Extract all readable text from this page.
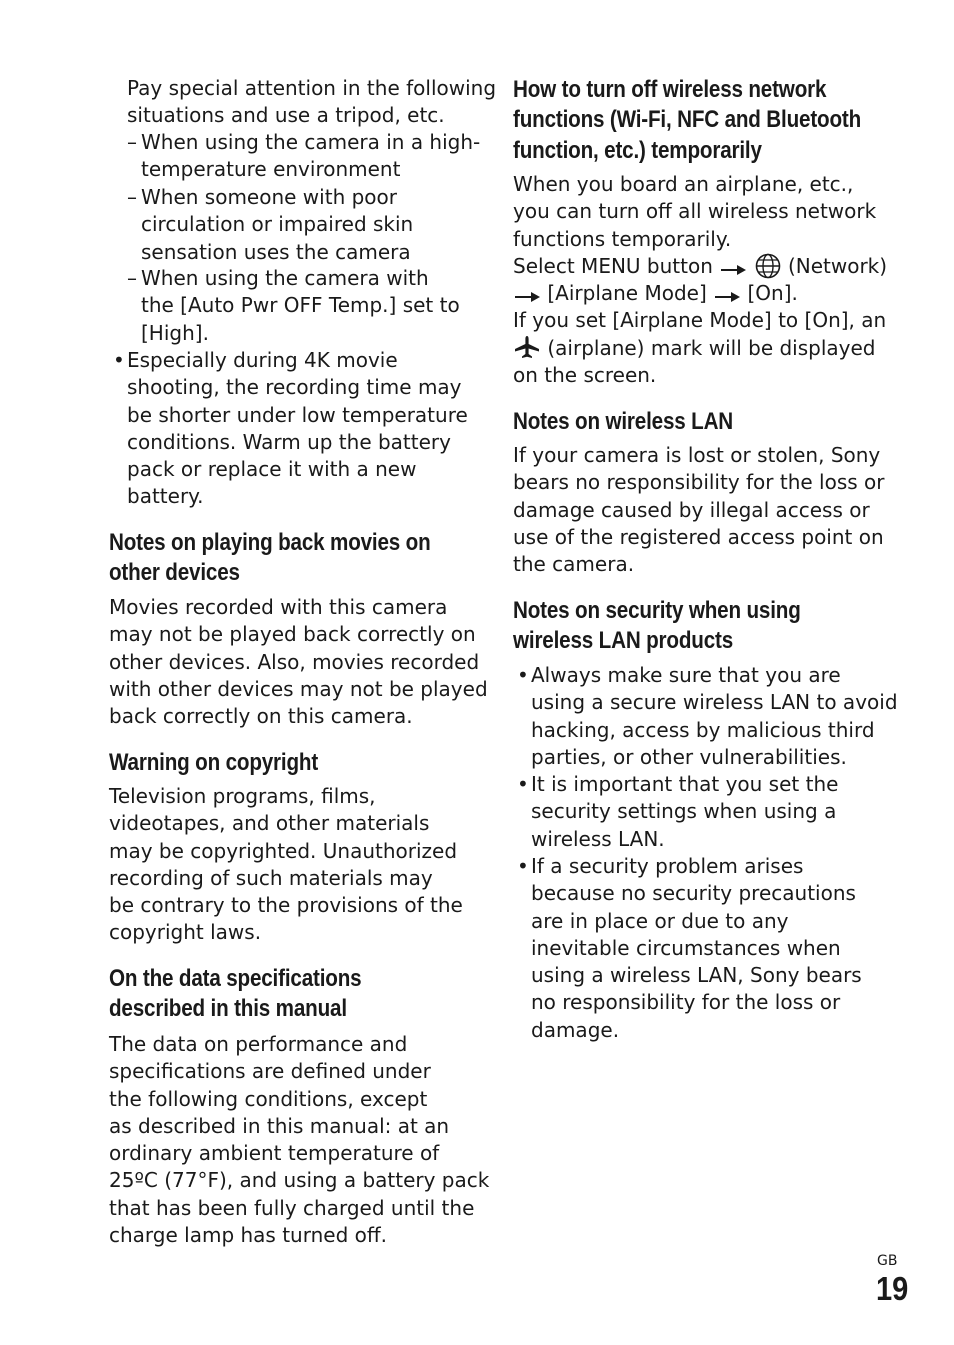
Pay special attention in the following
situations and use a tripod, etc.
– When using the camera in a high-
temperature environment
– When someone with poor
circulation or impaired skin
sensation uses the camera
– When using the camera with
the [Auto Pwr OFF Temp.] set to
[High].
• Especially during 4K movie
shooting, the recording time may
be shorter under low temperature
conditions. Warm up the battery
pack or replace it with a new
battery.
Notes on playing back movies on
other devices
Movies recorded with this camera
may not be played back correctly on
other devices. Also, movies recorded
with other devices may not be played
back correctly on this camera.
Warning on copyright
Television programs, films,
videotapes, and other materials
may be copyrighted. Unauthorized
recording of such materials may
be contrary to the provisions of the
copyright laws.
On the data specifications
described in this manual
The data on performance and
specifications are defined under
the following conditions, except
as described in this manual: at an
ordinary ambient temperature of
25ºC (77°F), and using a battery pack
that has been fully charged until the
charge lamp has turned off.
How to turn off wireless network
functions (Wi-Fi, NFC and Bluetooth
function, etc.) temporarily
When you board an airplane, etc.,
you can turn off all wireless network
functions temporarily.
Select MENU button	(Network)
[Airplane Mode] [On].
If you set [Airplane Mode] to [On], an
(airplane) mark will be displayed
on the screen.
Notes on wireless LAN
If your camera is lost or stolen, Sony
bears no responsibility for the loss or
damage caused by illegal access or
use of the registered access point on
the camera.
Notes on security when using
wireless LAN products
• Always make sure that you are
using a secure wireless LAN to avoid
hacking, access by malicious third
parties, or other vulnerabilities.
• It is important that you set the
security settings when using a
wireless LAN.
• If a security problem arises
because no security precautions
are in place or due to any
inevitable circumstances when
using a wireless LAN, Sony bears
no responsibility for the loss or
damage.
GB
19
